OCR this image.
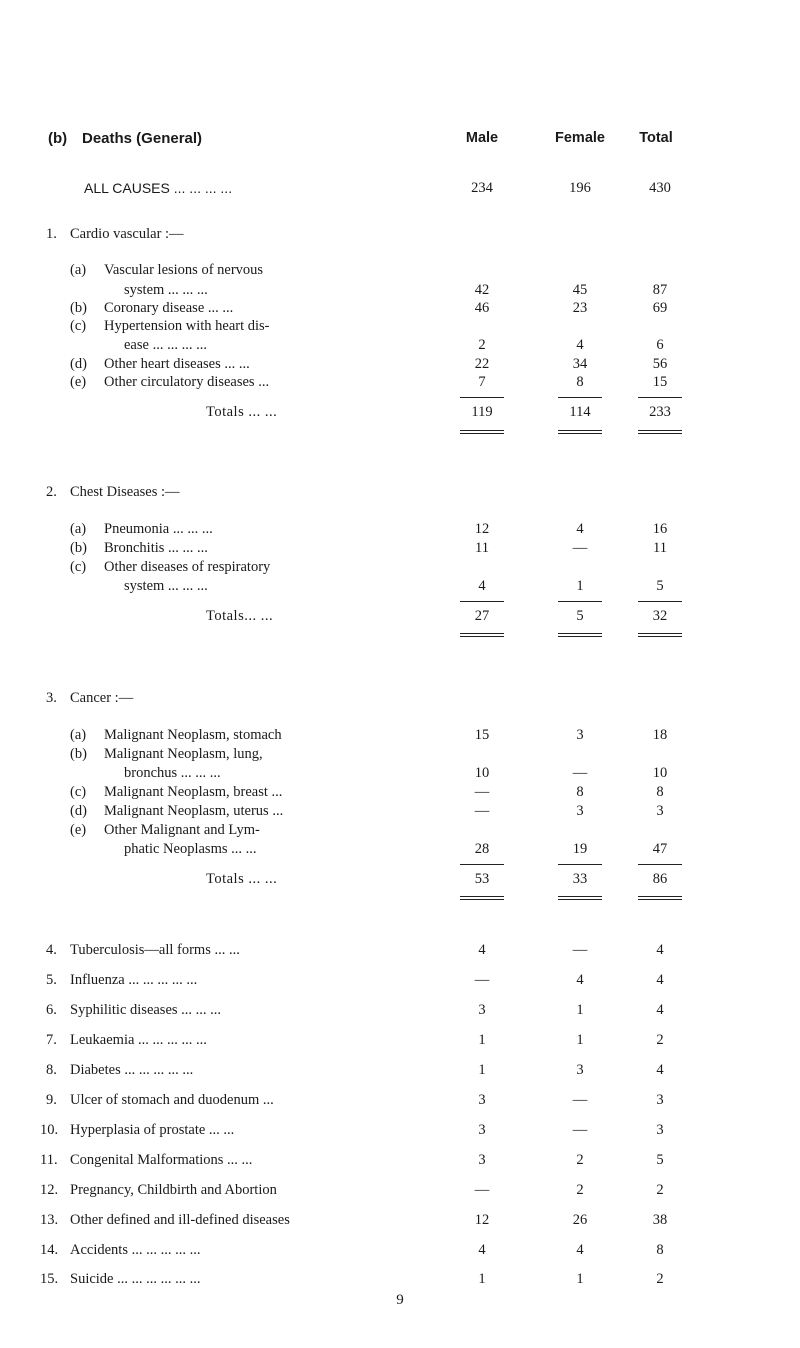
(b) Deaths (General)	Male	Female	Total
ALL CAUSES ... ... ... ...	234	196	430
1. Cardio vascular :—
(a) Vascular lesions of nervous
system ... ... ...	42	45	87
(b) Coronary disease ... ...	46	23	69
(c) Hypertension with heart dis-
ease ... ... ... ...	2	4	6
(d) Other heart diseases ... ...	22	34	56
(e) Other circulatory diseases ...	7	8	15
Totals ... ...	119	114	233
2. Chest Diseases :—
(a) Pneumonia ... ... ...	12	4	16
(b) Bronchitis ... ... ...	11	—	11
(c) Other diseases of respiratory
system ... ... ...	4	1	5
Totals... ...	27	5	32
3. Cancer :—
(a) Malignant Neoplasm, stomach	15	3	18
(b) Malignant Neoplasm, lung,
bronchus ... ... ...	10	—	10
(c) Malignant Neoplasm, breast ...	—	8	8
(d) Malignant Neoplasm, uterus ...	—	3	3
(e) Other Malignant and Lym-
phatic Neoplasms ... ...	28	19	47
Totals ... ...	53	33	86
4. Tuberculosis—all forms ... ...	4	—	4
5. Influenza ... ... ... ... ...	—	4	4
6. Syphilitic diseases ... ... ...	3	1	4
7. Leukaemia ... ... ... ... ...	1	1	2
8. Diabetes ... ... ... ... ...	1	3	4
9. Ulcer of stomach and duodenum ...	3	—	3
10. Hyperplasia of prostate ... ...	3	—	3
11. Congenital Malformations ... ...	3	2	5
12. Pregnancy, Childbirth and Abortion	—	2	2
13. Other defined and ill-defined diseases	12	26	38
14. Accidents ... ... ... ... ...	4	4	8
15. Suicide ... ... ... ... ... ...	1	1	2
9
